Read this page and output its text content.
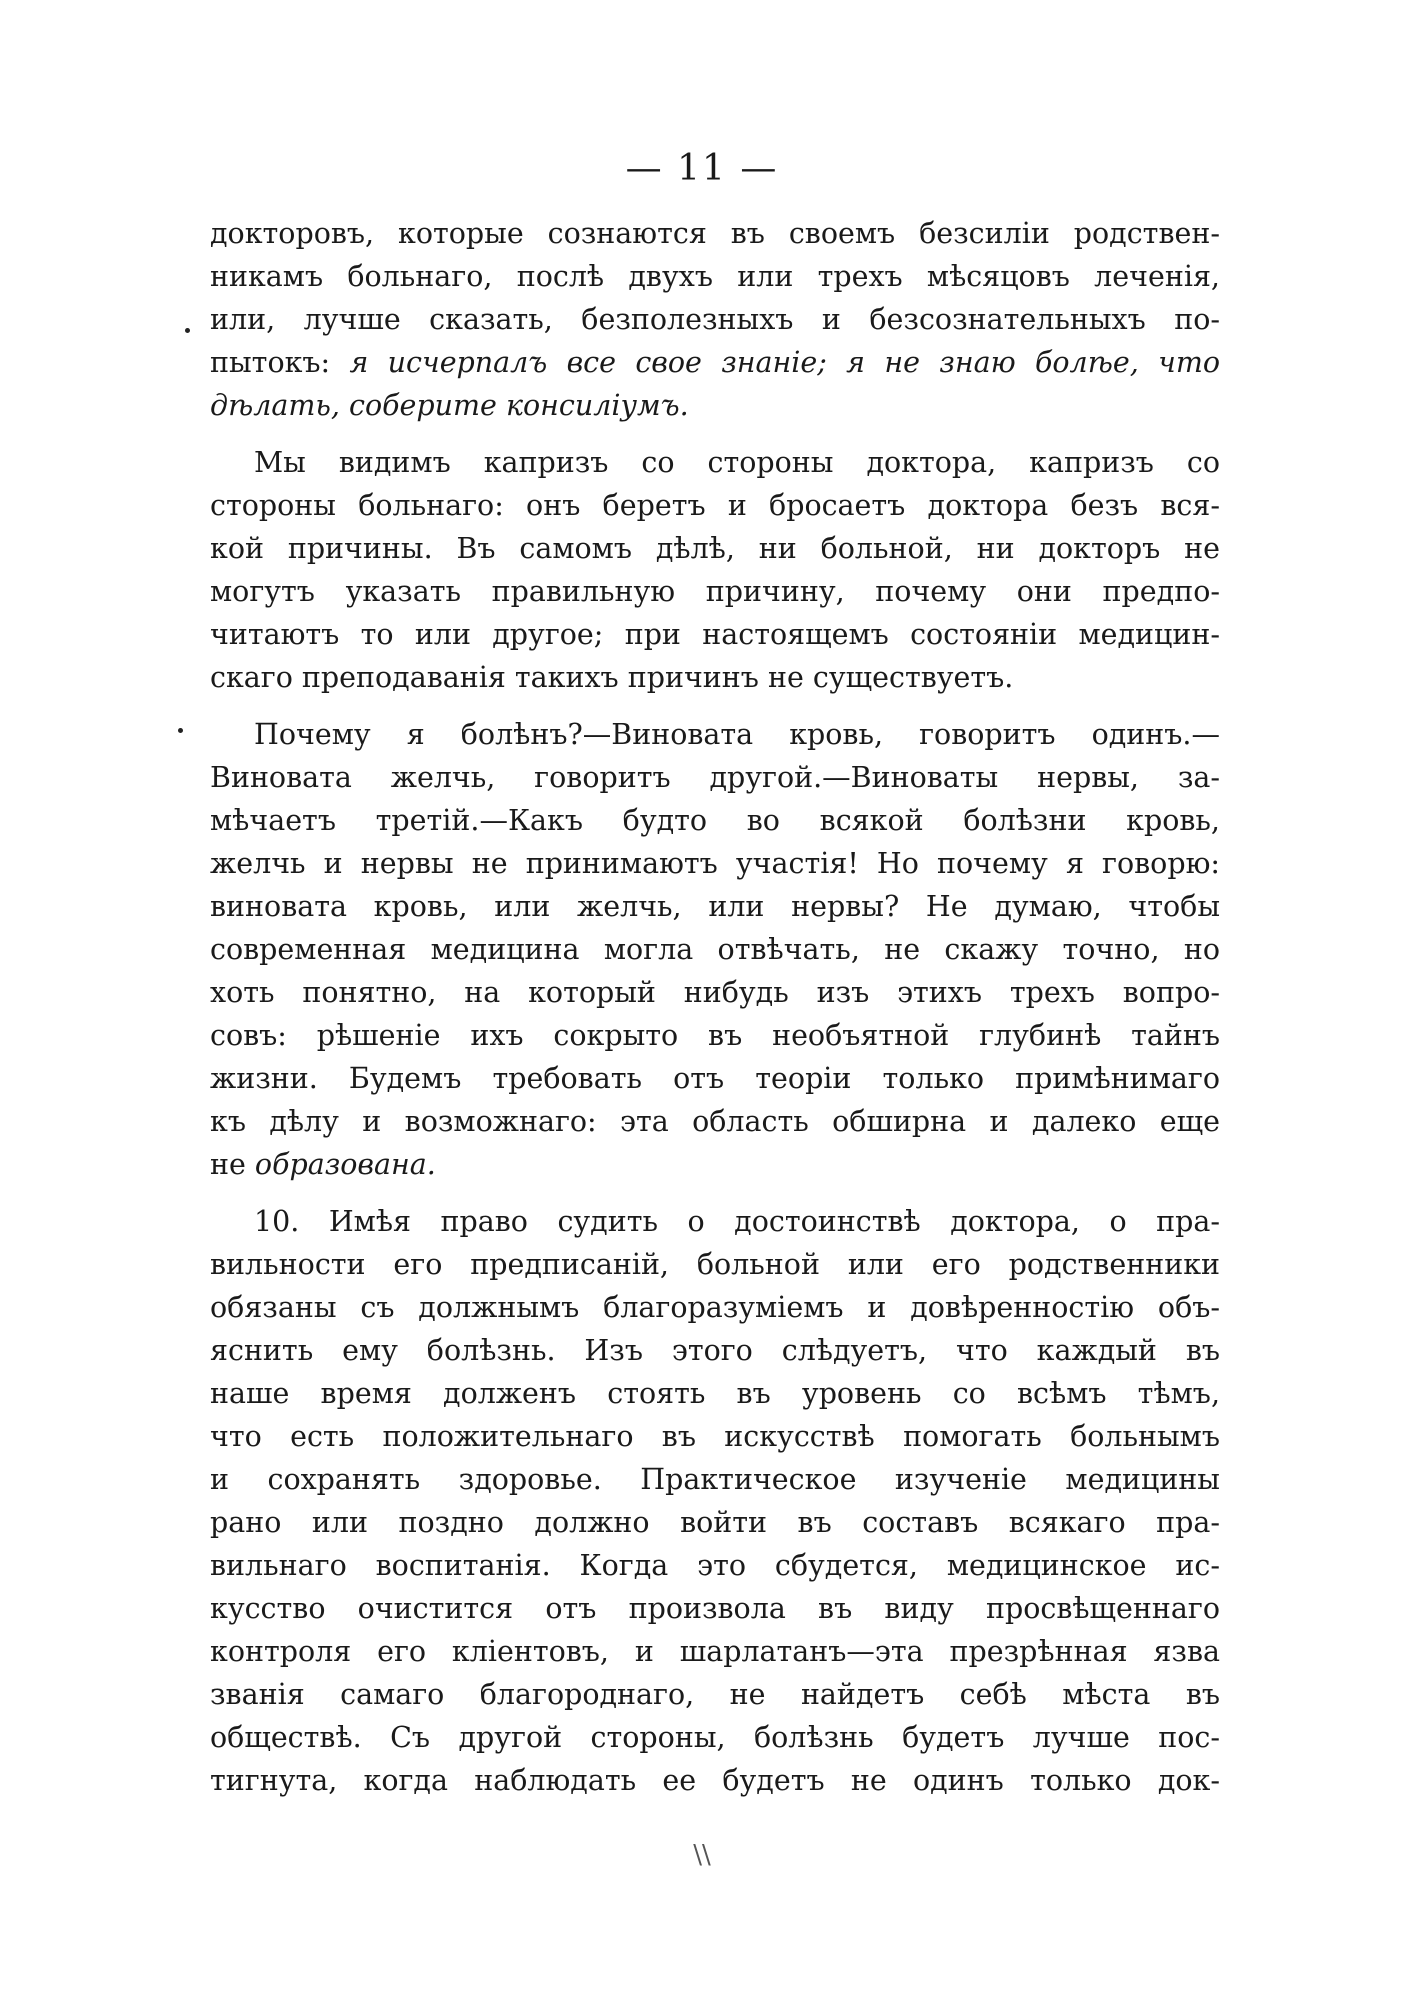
— 11 —
докторовъ, которые сознаются въ своемъ безсилiи родствен-
никамъ больнаго, послѣ двухъ или трехъ мѣсяцовъ леченiя,
или, лучше сказать, безполезныхъ и безсознательныхъ по-
пытокъ: я исчерпалъ все свое знанiе; я не знаю болѣе, что
дѣлать, соберите консилiумъ.
Мы видимъ капризъ со стороны доктора, капризъ со
стороны больнаго: онъ беретъ и бросаетъ доктора безъ вся-
кой причины. Въ самомъ дѣлѣ, ни больной, ни докторъ не
могутъ указать правильную причину, почему они предпо-
читаютъ то или другое; при настоящемъ состоянiи медицин-
скаго преподаванiя такихъ причинъ не существуетъ.
Почему я болѣнъ?—Виновата кровь, говоритъ одинъ.—
Виновата желчь, говоритъ другой.—Виноваты нервы, за-
мѣчаетъ третiй.—Какъ будто во всякой болѣзни кровь,
желчь и нервы не принимаютъ участiя! Но почему я говорю:
виновата кровь, или желчь, или нервы? Не думаю, чтобы
современная медицина могла отвѣчать, не скажу точно, но
хоть понятно, на который нибудь изъ этихъ трехъ вопро-
совъ: рѣшенiе ихъ сокрыто въ необъятной глубинѣ тайнъ
жизни. Будемъ требовать отъ теорiи только примѣнимаго
къ дѣлу и возможнаго: эта область обширна и далеко еще
не образована.
10. Имѣя право судить о достоинствѣ доктора, о пра-
вильности его предписанiй, больной или его родственники
обязаны съ должнымъ благоразумiемъ и довѣренностiю объ-
яснить ему болѣзнь. Изъ этого слѣдуетъ, что каждый въ
наше время долженъ стоять въ уровень со всѣмъ тѣмъ,
что есть положительнаго въ искусствѣ помогать больнымъ
и сохранять здоровье. Практическое изученiе медицины
рано или поздно должно войти въ составъ всякаго пра-
вильнаго воспитанiя. Когда это сбудется, медицинское ис-
кусство очистится отъ произвола въ виду просвѣщеннаго
контроля его клiентовъ, и шарлатанъ—эта презрѣнная язва
званiя самаго благороднаго, не найдетъ себѣ мѣста въ
обществѣ. Съ другой стороны, болѣзнь будетъ лучше пос-
тигнута, когда наблюдать ее будетъ не одинъ только док-
\\
